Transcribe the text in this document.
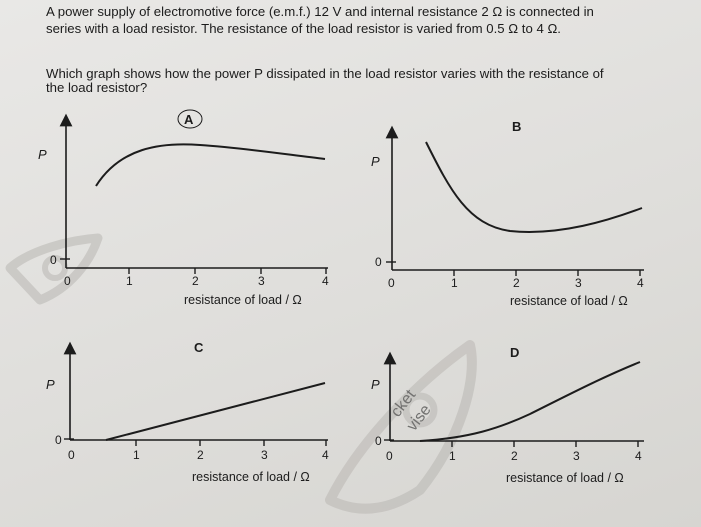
A power supply of electromotive force (e.m.f.) 12 V and internal resistance 2 Ω is connected in
series with a load resistor. The resistance of the load resistor is varied from 0.5 Ω to 4 Ω.
Which graph shows how the power P dissipated in the load resistor varies with the resistance of
the load resistor?
cket
vise
A
P
0
0	1	2	3	4
resistance of load / Ω
B
P
0
0	1	2	3	4
resistance of load / Ω
C
P
0
0	1	2	3	4
resistance of load / Ω
D
P
0
0	1	2	3	4
resistance of load / Ω
